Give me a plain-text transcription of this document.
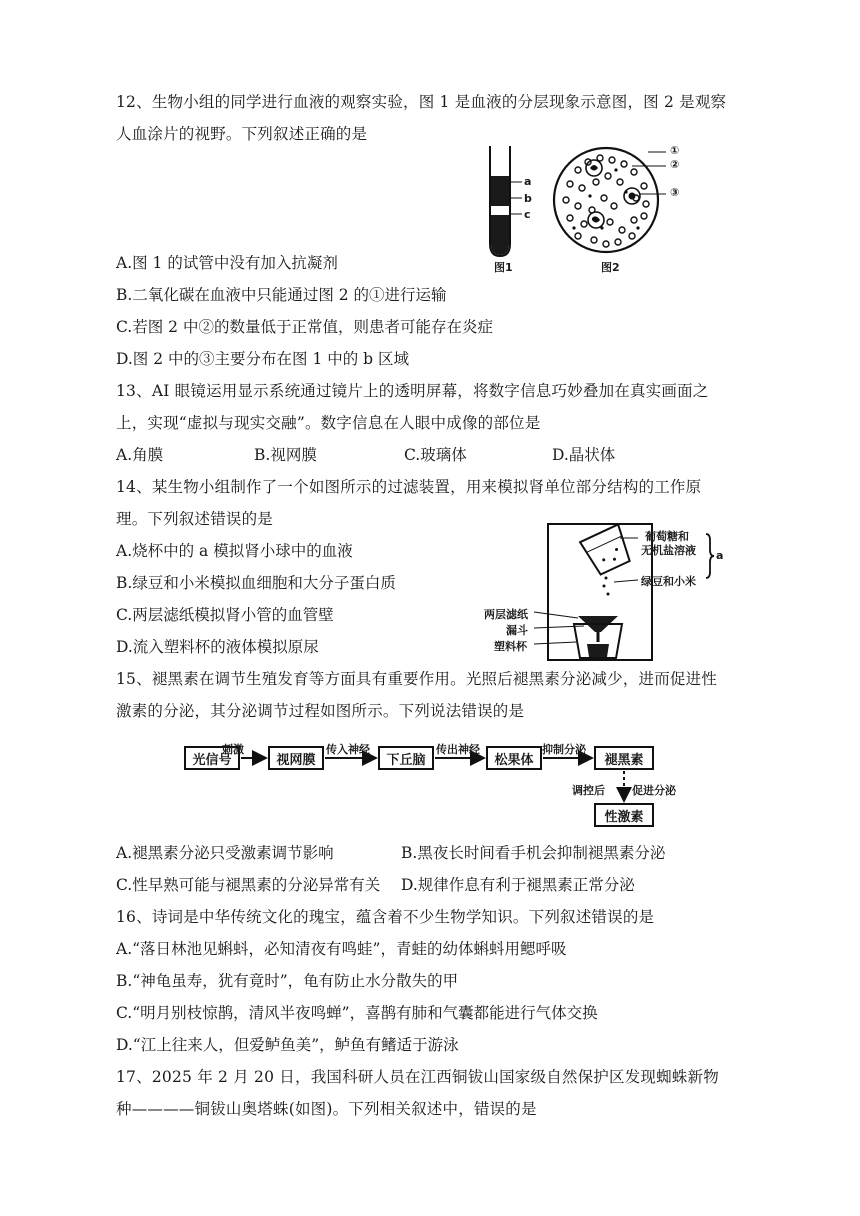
12、生物小组的同学进行血液的观察实验，图 1 是血液的分层现象示意图，图 2 是观察
人血涂片的视野。下列叙述正确的是
a
b
c
图1
①
②
③
图2
A.图 1 的试管中没有加入抗凝剂
B.二氧化碳在血液中只能通过图 2 的①进行运输
C.若图 2 中②的数量低于正常值，则患者可能存在炎症
D.图 2 中的③主要分布在图 1 中的 b 区域
13、AI 眼镜运用显示系统通过镜片上的透明屏幕，将数字信息巧妙叠加在真实画面之
上，实现“虚拟与现实交融”。数字信息在人眼中成像的部位是
A.角膜	B.视网膜	C.玻璃体	D.晶状体
14、某生物小组制作了一个如图所示的过滤装置，用来模拟肾单位部分结构的工作原
理。下列叙述错误的是
A.烧杯中的 a 模拟肾小球中的血液
B.绿豆和小米模拟血细胞和大分子蛋白质
C.两层滤纸模拟肾小管的血管壁
D.流入塑料杯的液体模拟原尿
葡萄糖和
无机盐溶液 a
绿豆和小米
两层滤纸
漏斗
塑料杯
15、褪黑素在调节生殖发育等方面具有重要作用。光照后褪黑素分泌减少，进而促进性
激素的分泌，其分泌调节过程如图所示。下列说法错误的是
光信号	视网膜	下丘脑	松果体	褪黑素
性激素
刺激	传入神经	传出神经	抑制分泌
调控后 促进分泌
A.褪黑素分泌只受激素调节影响	B.黑夜长时间看手机会抑制褪黑素分泌
C.性早熟可能与褪黑素的分泌异常有关 D.规律作息有利于褪黑素正常分泌
16、诗词是中华传统文化的瑰宝，蕴含着不少生物学知识。下列叙述错误的是
A.“落日林池见蝌蚪，必知清夜有鸣蛙”，青蛙的幼体蝌蚪用鳃呼吸
B.“神龟虽寿，犹有竟时”，龟有防止水分散失的甲
C.“明月别枝惊鹊，清风半夜鸣蝉”，喜鹊有肺和气囊都能进行气体交换
D.“江上往来人，但爱鲈鱼美”，鲈鱼有鳍适于游泳
17、2025 年 2 月 20 日，我国科研人员在江西铜钹山国家级自然保护区发现蜘蛛新物
种————铜钹山奥塔蛛(如图)。下列相关叙述中，错误的是
